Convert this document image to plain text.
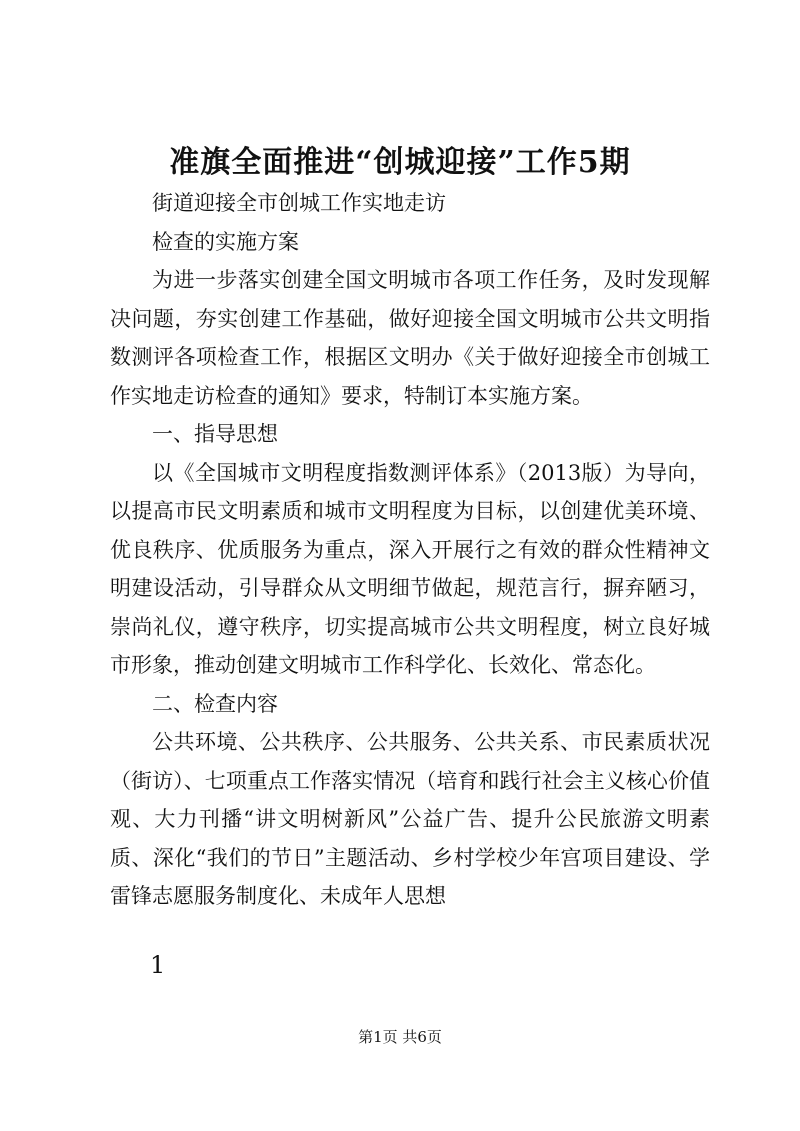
准旗全面推进“创城迎接”工作5期

街道迎接全市创城工作实地走访

检查的实施方案

为进一步落实创建全国文明城市各项工作任务，及时发现解决问题，夯实创建工作基础，做好迎接全国文明城市公共文明指数测评各项检查工作，根据区文明办《关于做好迎接全市创城工作实地走访检查的通知》要求，特制订本实施方案。

一、指导思想

以《全国城市文明程度指数测评体系》（2013版）为导向，以提高市民文明素质和城市文明程度为目标，以创建优美环境、优良秩序、优质服务为重点，深入开展行之有效的群众性精神文明建设活动，引导群众从文明细节做起，规范言行，摒弃陋习，崇尚礼仪，遵守秩序，切实提高城市公共文明程度，树立良好城市形象，推动创建文明城市工作科学化、长效化、常态化。

二、检查内容

公共环境、公共秩序、公共服务、公共关系、市民素质状况（街访）、七项重点工作落实情况（培育和践行社会主义核心价值观、大力刊播“讲文明树新风”公益广告、提升公民旅游文明素质、深化“我们的节日”主题活动、乡村学校少年宫项目建设、学雷锋志愿服务制度化、未成年人思想

1
第1页 共6页
